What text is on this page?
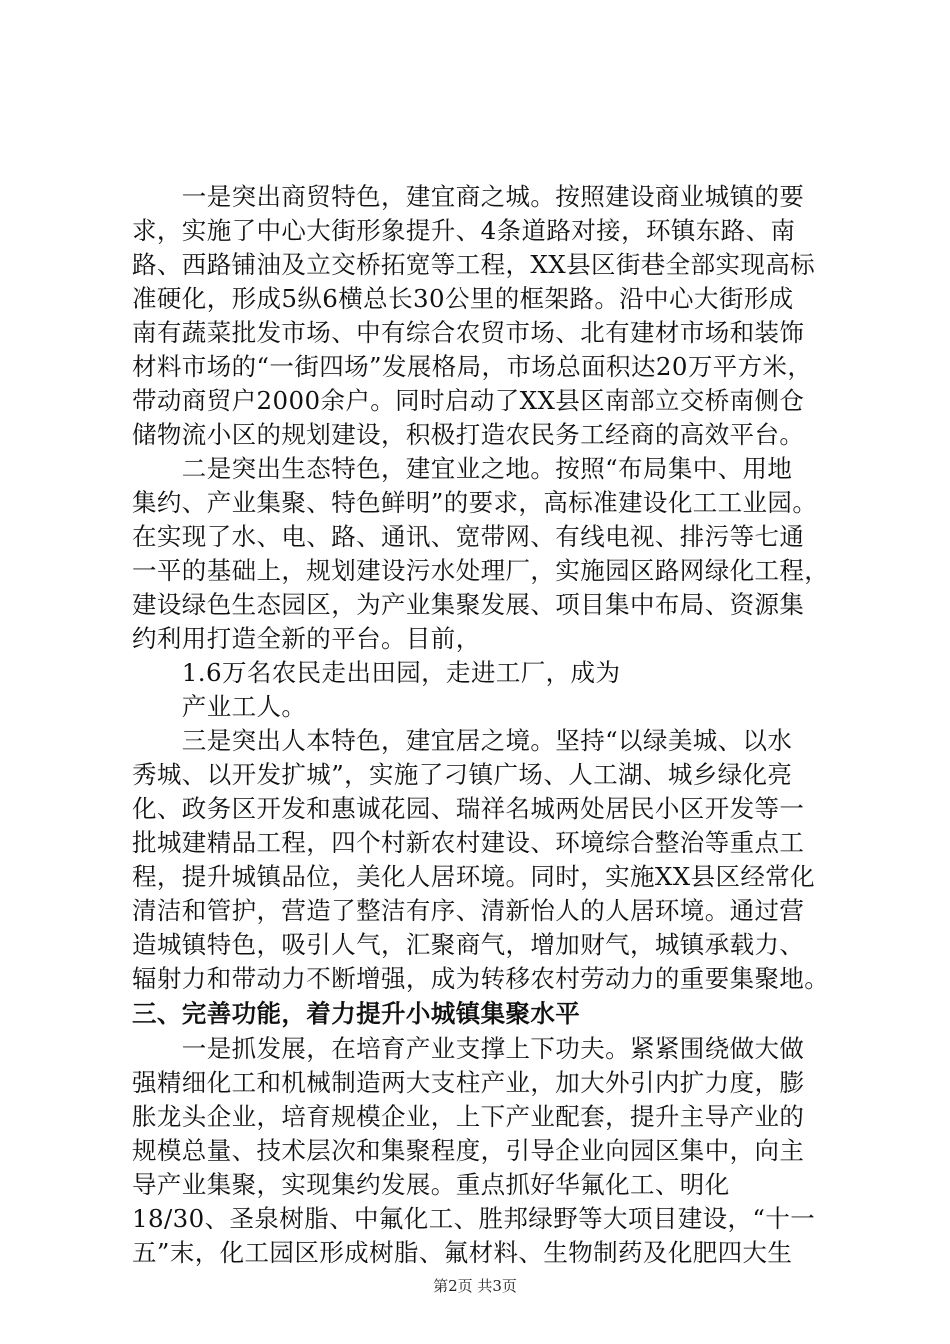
　　一是突出商贸特色，建宜商之城。按照建设商业城镇的要
求，实施了中心大街形象提升、4条道路对接，环镇东路、南
路、西路铺油及立交桥拓宽等工程，XX县区街巷全部实现高标
准硬化，形成5纵6横总长30公里的框架路。沿中心大街形成
南有蔬菜批发市场、中有综合农贸市场、北有建材市场和装饰
材料市场的“一街四场”发展格局，市场总面积达20万平方米，
带动商贸户2000余户。同时启动了XX县区南部立交桥南侧仓
储物流小区的规划建设，积极打造农民务工经商的高效平台。
　　二是突出生态特色，建宜业之地。按照“布局集中、用地
集约、产业集聚、特色鲜明”的要求，高标准建设化工工业园。
在实现了水、电、路、通讯、宽带网、有线电视、排污等七通
一平的基础上，规划建设污水处理厂，实施园区路网绿化工程，
建设绿色生态园区，为产业集聚发展、项目集中布局、资源集
约利用打造全新的平台。目前，
　　1.6万名农民走出田园，走进工厂，成为
　　产业工人。
　　三是突出人本特色，建宜居之境。坚持“以绿美城、以水
秀城、以开发扩城”，实施了刁镇广场、人工湖、城乡绿化亮
化、政务区开发和惠诚花园、瑞祥名城两处居民小区开发等一
批城建精品工程，四个村新农村建设、环境综合整治等重点工
程，提升城镇品位，美化人居环境。同时，实施XX县区经常化
清洁和管护，营造了整洁有序、清新怡人的人居环境。通过营
造城镇特色，吸引人气，汇聚商气，增加财气，城镇承载力、
辐射力和带动力不断增强，成为转移农村劳动力的重要集聚地。
三、完善功能，着力提升小城镇集聚水平
　　一是抓发展，在培育产业支撑上下功夫。紧紧围绕做大做
强精细化工和机械制造两大支柱产业，加大外引内扩力度，膨
胀龙头企业，培育规模企业，上下产业配套，提升主导产业的
规模总量、技术层次和集聚程度，引导企业向园区集中，向主
导产业集聚，实现集约发展。重点抓好华氟化工、明化
18/30、圣泉树脂、中氟化工、胜邦绿野等大项目建设，“十一
五”末，化工园区形成树脂、氟材料、生物制药及化肥四大生
第2页 共3页
